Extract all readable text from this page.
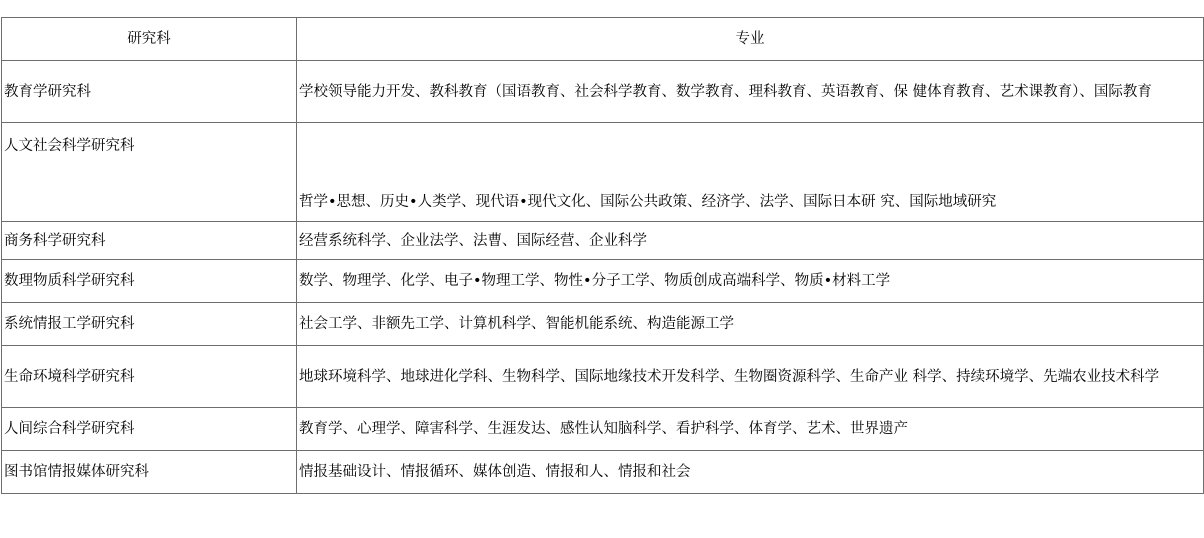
研究科	专业
教育学研究科	学校领导能力开发、教科教育（国语教育、社会科学教育、数学教育、理科教育、英语教育、保 健体育教育、艺术课教育）、国际教育
人文社会科学研究科	哲学•思想、历史•人类学、现代语•现代文化、国际公共政策、经济学、法学、国际日本研 究、国际地域研究
商务科学研究科	经营系统科学、企业法学、法曹、国际经营、企业科学
数理物质科学研究科	数学、物理学、化学、电子•物理工学、物性•分子工学、物质创成高端科学、物质•材料工学
系统情报工学研究科	社会工学、非额先工学、计算机科学、智能机能系统、构造能源工学
生命环境科学研究科	地球环境科学、地球进化学科、生物科学、国际地缘技术开发科学、生物圈资源科学、生命产业 科学、持续环境学、先端农业技术科学
人间综合科学研究科	教育学、心理学、障害科学、生涯发达、感性认知脑科学、看护科学、体育学、艺术、世界遗产
图书馆情报媒体研究科	情报基础设计、情报循环、媒体创造、情报和人、情报和社会
